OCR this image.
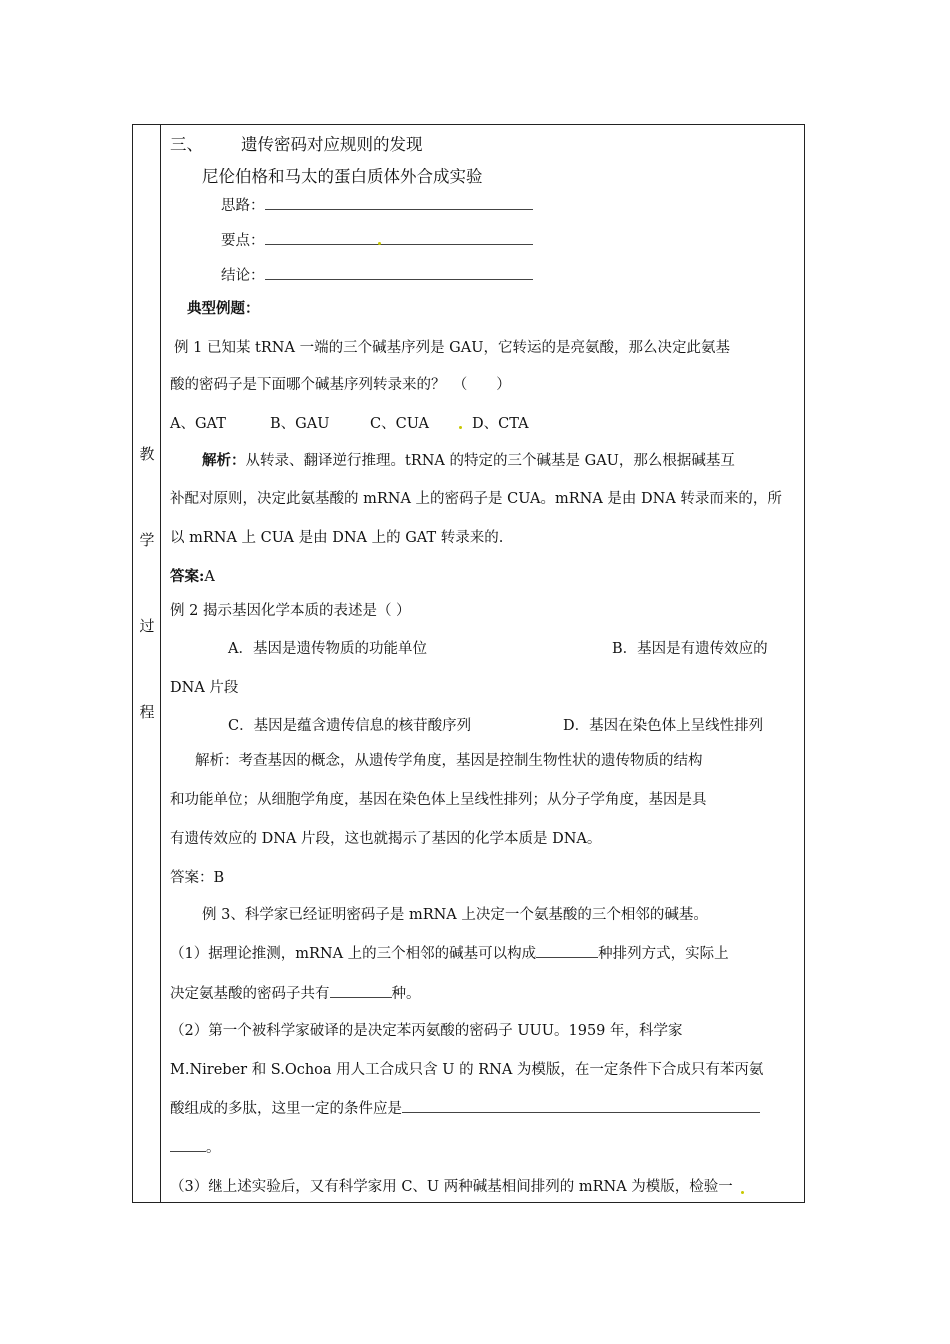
教
学
过
程
三、 遗传密码对应规则的发现
尼伦伯格和马太的蛋白质体外合成实验
思路：
要点：
结论：
典型例题：
例 1 已知某 tRNA 一端的三个碱基序列是 GAU，它转运的是亮氨酸，那么决定此氨基
酸的密码子是下面哪个碱基序列转录来的？　（　　）
A、GAT	B、GAU	C、CUA	D、CTA
解析：从转录、翻译逆行推理。tRNA 的特定的三个碱基是 GAU，那么根据碱基互
补配对原则，决定此氨基酸的 mRNA 上的密码子是 CUA。mRNA 是由 DNA 转录而来的，所
以 mRNA 上 CUA 是由 DNA 上的 GAT 转录来的.
答案:A
例 2 揭示基因化学本质的表述是（ ）
A．基因是遗传物质的功能单位	B．基因是有遗传效应的
DNA 片段
C．基因是蕴含遗传信息的核苷酸序列	D．基因在染色体上呈线性排列
解析：考查基因的概念，从遗传学角度，基因是控制生物性状的遗传物质的结构
和功能单位；从细胞学角度，基因在染色体上呈线性排列；从分子学角度，基因是具
有遗传效应的 DNA 片段，这也就揭示了基因的化学本质是 DNA。
答案：B
例 3、科学家已经证明密码子是 mRNA 上决定一个氨基酸的三个相邻的碱基。
（1）据理论推测，mRNA 上的三个相邻的碱基可以构成	种排列方式，实际上
决定氨基酸的密码子共有	种。
（2）第一个被科学家破译的是决定苯丙氨酸的密码子 UUU。1959 年，科学家
M.Nireber 和 S.Ochoa 用人工合成只含 U 的 RNA 为模版，在一定条件下合成只有苯丙氨
酸组成的多肽，这里一定的条件应是
。
（3）继上述实验后，又有科学家用 C、U 两种碱基相间排列的 mRNA 为模版，检验一
